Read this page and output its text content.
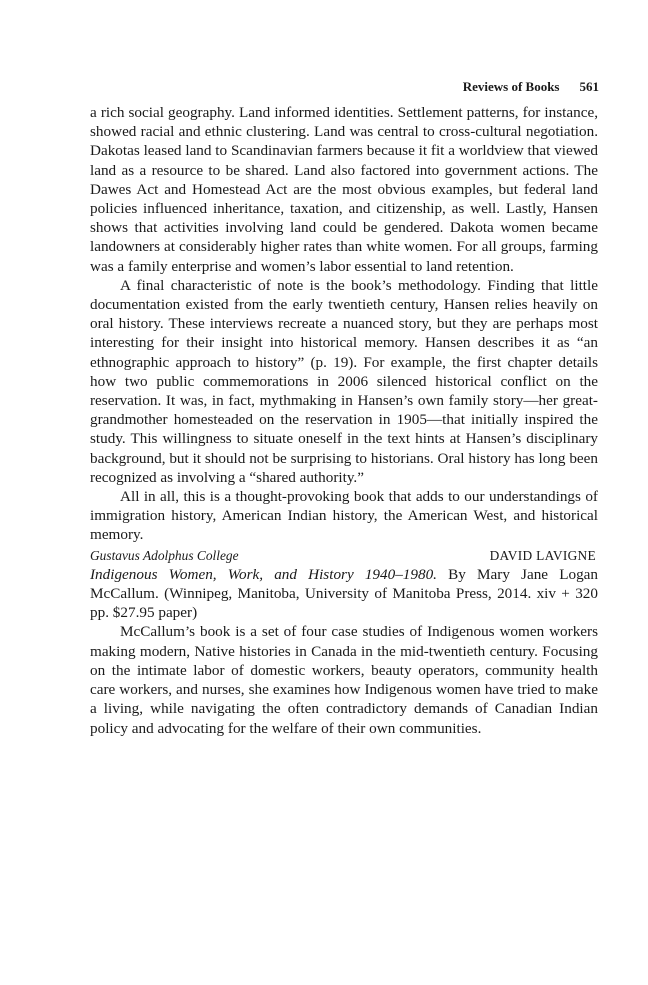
Reviews of Books 561

a rich social geography. Land informed identities. Settlement patterns, for instance, showed racial and ethnic clustering. Land was central to cross-cultural negotiation. Dakotas leased land to Scandinavian farmers because it fit a worldview that viewed land as a resource to be shared. Land also factored into government actions. The Dawes Act and Homestead Act are the most obvious examples, but federal land policies influenced inheritance, taxation, and citizenship, as well. Lastly, Hansen shows that activities involving land could be gendered. Dakota women became landowners at considerably higher rates than white women. For all groups, farming was a family enterprise and women’s labor essential to land retention.

A final characteristic of note is the book’s methodology. Finding that little documentation existed from the early twentieth century, Hansen relies heavily on oral history. These interviews recreate a nuanced story, but they are perhaps most interesting for their insight into historical memory. Hansen describes it as “an ethnographic approach to history” (p. 19). For example, the first chapter details how two public commemorations in 2006 silenced historical conflict on the reservation. It was, in fact, mythmaking in Hansen’s own family story—her great-grandmother homesteaded on the reservation in 1905—that initially inspired the study. This willingness to situate oneself in the text hints at Hansen’s disciplinary background, but it should not be surprising to historians. Oral history has long been recognized as involving a “shared authority.”

All in all, this is a thought-provoking book that adds to our understandings of immigration history, American Indian history, the American West, and historical memory.

Gustavus Adolphus College	DAVID LAVIGNE

Indigenous Women, Work, and History 1940–1980. By Mary Jane Logan McCallum. (Winnipeg, Manitoba, University of Manitoba Press, 2014. xiv + 320 pp. $27.95 paper)

McCallum’s book is a set of four case studies of Indigenous women workers making modern, Native histories in Canada in the mid-twentieth century. Focusing on the intimate labor of domestic workers, beauty operators, community health care workers, and nurses, she examines how Indigenous women have tried to make a living, while navigating the often contradictory demands of Canadian Indian policy and advocating for the welfare of their own communities.
